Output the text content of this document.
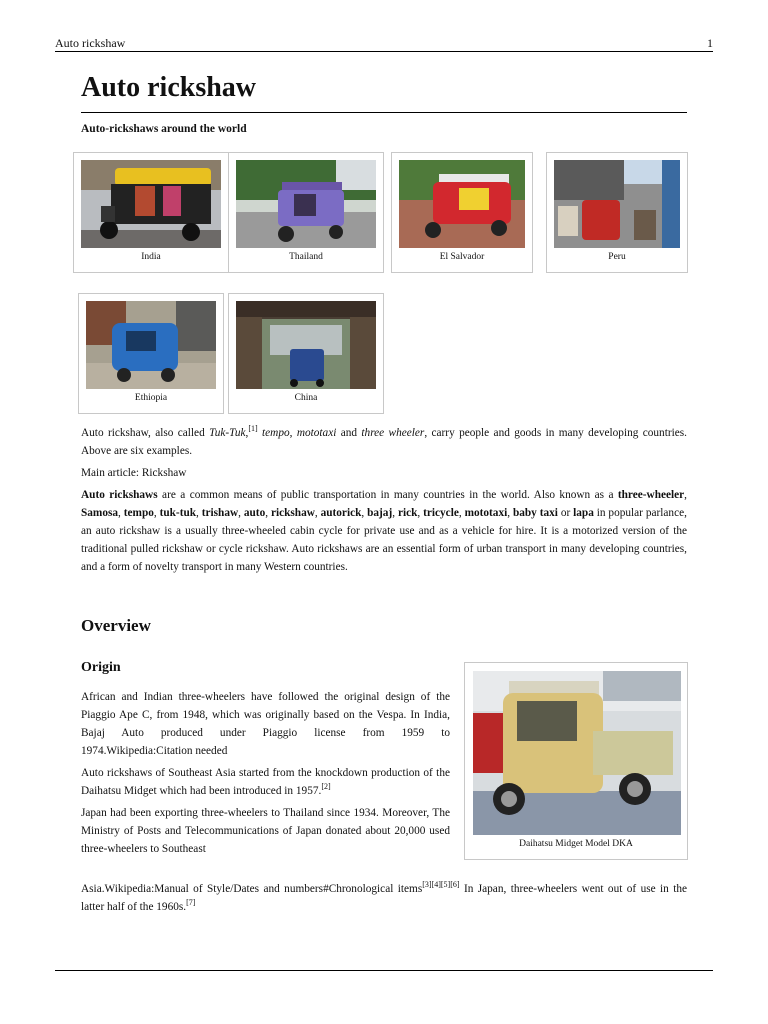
Auto rickshaw	1
Auto rickshaw
Auto-rickshaws around the world
India	Thailand	El Salvador	Peru
Ethiopia	China

Auto rickshaw, also called Tuk-Tuk,[1] tempo, mototaxi and three wheeler, carry people and goods in many developing countries. Above are six examples.

Main article: Rickshaw

Auto rickshaws are a common means of public transportation in many countries in the world. Also known as a three-wheeler, Samosa, tempo, tuk-tuk, trishaw, auto, rickshaw, autorick, bajaj, rick, tricycle, mototaxi, baby taxi or lapa in popular parlance, an auto rickshaw is a usually three-wheeled cabin cycle for private use and as a vehicle for hire. It is a motorized version of the traditional pulled rickshaw or cycle rickshaw. Auto rickshaws are an essential form of urban transport in many developing countries, and a form of novelty transport in many Western countries.

Overview
Origin

African and Indian three-wheelers have followed the original design of the Piaggio Ape C, from 1948, which was originally based on the Vespa. In India, Bajaj Auto produced under Piaggio license from 1959 to 1974.Wikipedia:Citation needed

Auto rickshaws of Southeast Asia started from the knockdown production of the Daihatsu Midget which had been introduced in 1957.[2]

Japan had been exporting three-wheelers to Thailand since 1934. Moreover, The Ministry of Posts and Telecommunications of Japan donated about 20,000 used three-wheelers to Southeast

Asia.Wikipedia:Manual of Style/Dates and numbers#Chronological items[3][4][5][6] In Japan, three-wheelers went out of use in the latter half of the 1960s.[7]

Daihatsu Midget Model DKA
